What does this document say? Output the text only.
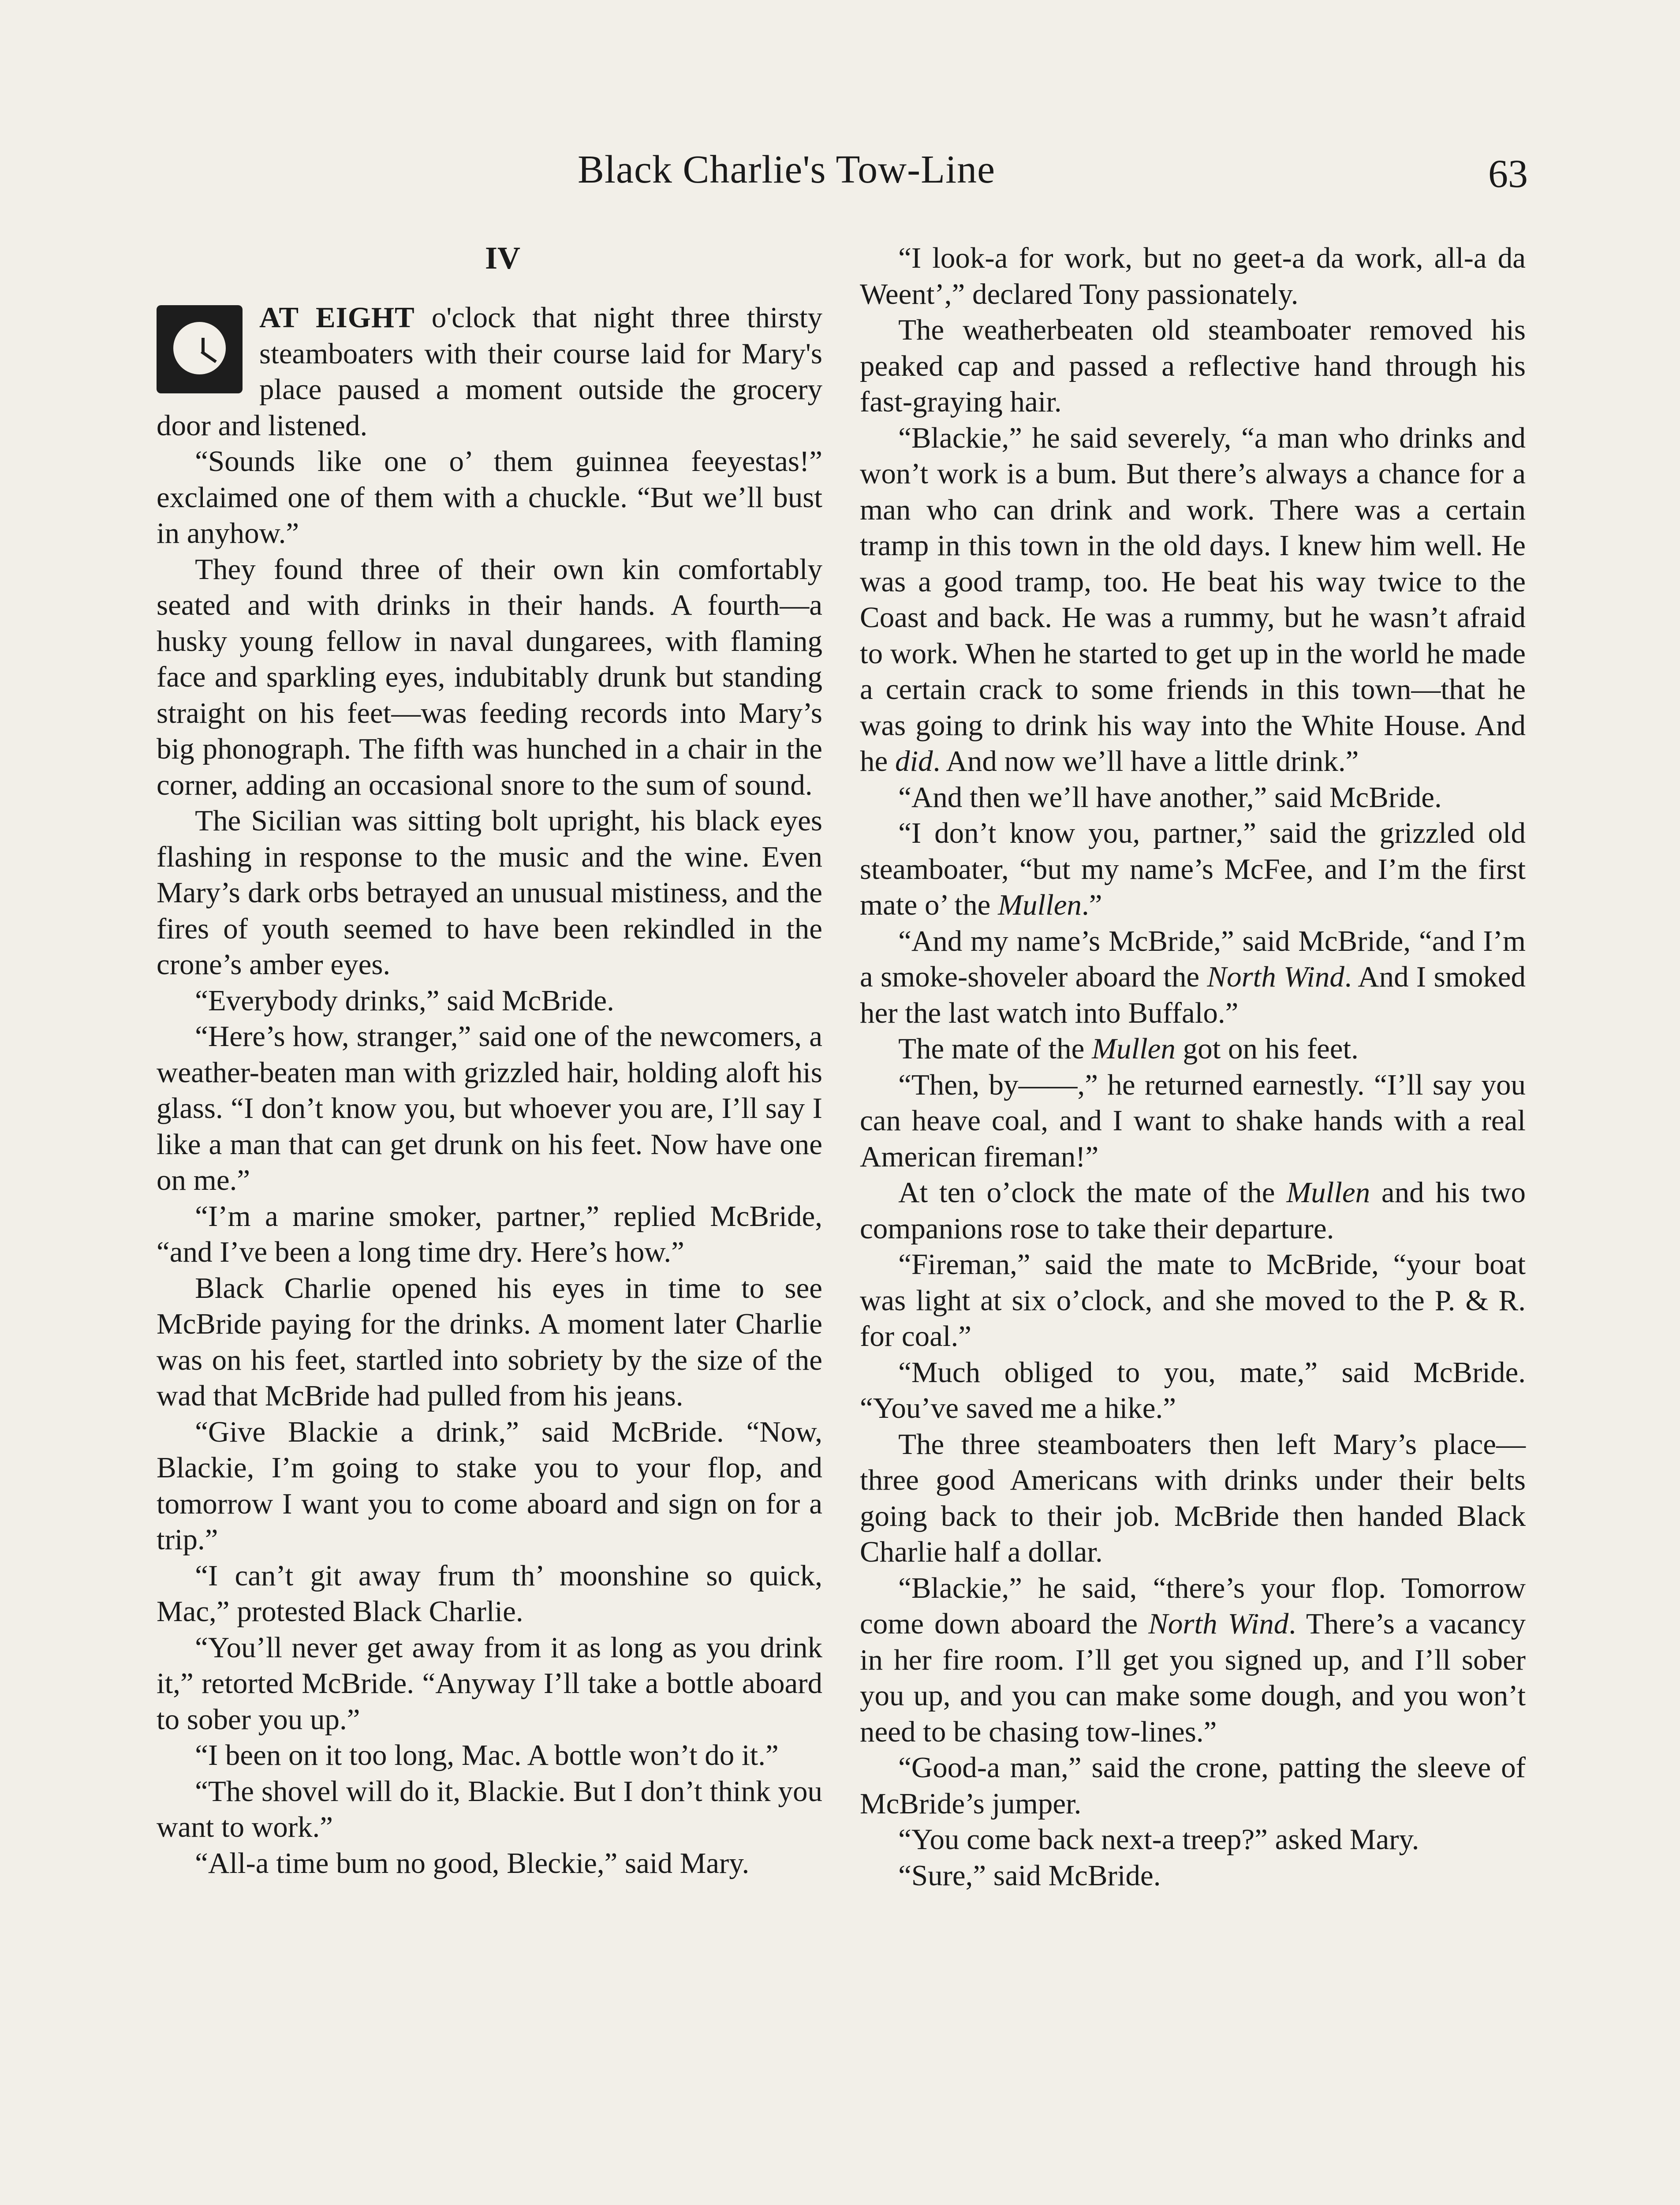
Black Charlie's Tow-Line	63
IV

AT EIGHT o'clock that night three thirsty steamboaters with their course laid for Mary's place paused a moment outside the grocery door and listened.

“Sounds like one o’ them guinnea feeyestas!” exclaimed one of them with a chuckle. “But we’ll bust in anyhow.”

They found three of their own kin comfortably seated and with drinks in their hands. A fourth—a husky young fellow in naval dungarees, with flaming face and sparkling eyes, indubitably drunk but standing straight on his feet—was feeding records into Mary’s big phonograph. The fifth was hunched in a chair in the corner, adding an occasional snore to the sum of sound.

The Sicilian was sitting bolt upright, his black eyes flashing in response to the music and the wine. Even Mary’s dark orbs betrayed an unusual mistiness, and the fires of youth seemed to have been rekindled in the crone’s amber eyes.

“Everybody drinks,” said McBride.

“Here’s how, stranger,” said one of the newcomers, a weather-beaten man with grizzled hair, holding aloft his glass. “I don’t know you, but whoever you are, I’ll say I like a man that can get drunk on his feet. Now have one on me.”

“I’m a marine smoker, partner,” replied McBride, “and I’ve been a long time dry. Here’s how.”

Black Charlie opened his eyes in time to see McBride paying for the drinks. A moment later Charlie was on his feet, startled into sobriety by the size of the wad that McBride had pulled from his jeans.

“Give Blackie a drink,” said McBride. “Now, Blackie, I’m going to stake you to your flop, and tomorrow I want you to come aboard and sign on for a trip.”

“I can’t git away frum th’ moonshine so quick, Mac,” protested Black Charlie.

“You’ll never get away from it as long as you drink it,” retorted McBride. “Anyway I’ll take a bottle aboard to sober you up.”

“I been on it too long, Mac. A bottle won’t do it.”

“The shovel will do it, Blackie. But I don’t think you want to work.”

“All-a time bum no good, Bleckie,” said Mary.

“I look-a for work, but no geet-a da work, all-a da Weent’,” declared Tony passionately.

The weatherbeaten old steamboater removed his peaked cap and passed a reflective hand through his fast-graying hair.

“Blackie,” he said severely, “a man who drinks and won’t work is a bum. But there’s always a chance for a man who can drink and work. There was a certain tramp in this town in the old days. I knew him well. He was a good tramp, too. He beat his way twice to the Coast and back. He was a rummy, but he wasn’t afraid to work. When he started to get up in the world he made a certain crack to some friends in this town—that he was going to drink his way into the White House. And he did. And now we’ll have a little drink.”

“And then we’ll have another,” said McBride.

“I don’t know you, partner,” said the grizzled old steamboater, “but my name’s McFee, and I’m the first mate o’ the Mullen.”

“And my name’s McBride,” said McBride, “and I’m a smoke-shoveler aboard the North Wind. And I smoked her the last watch into Buffalo.”

The mate of the Mullen got on his feet.

“Then, by——,” he returned earnestly. “I’ll say you can heave coal, and I want to shake hands with a real American fireman!”

At ten o’clock the mate of the Mullen and his two companions rose to take their departure.

“Fireman,” said the mate to McBride, “your boat was light at six o’clock, and she moved to the P. & R. for coal.”

“Much obliged to you, mate,” said McBride. “You’ve saved me a hike.”

The three steamboaters then left Mary’s place—three good Americans with drinks under their belts going back to their job. McBride then handed Black Charlie half a dollar.

“Blackie,” he said, “there’s your flop. Tomorrow come down aboard the North Wind. There’s a vacancy in her fire room. I’ll get you signed up, and I’ll sober you up, and you can make some dough, and you won’t need to be chasing tow-lines.”

“Good-a man,” said the crone, patting the sleeve of McBride’s jumper.

“You come back next-a treep?” asked Mary.

“Sure,” said McBride.
